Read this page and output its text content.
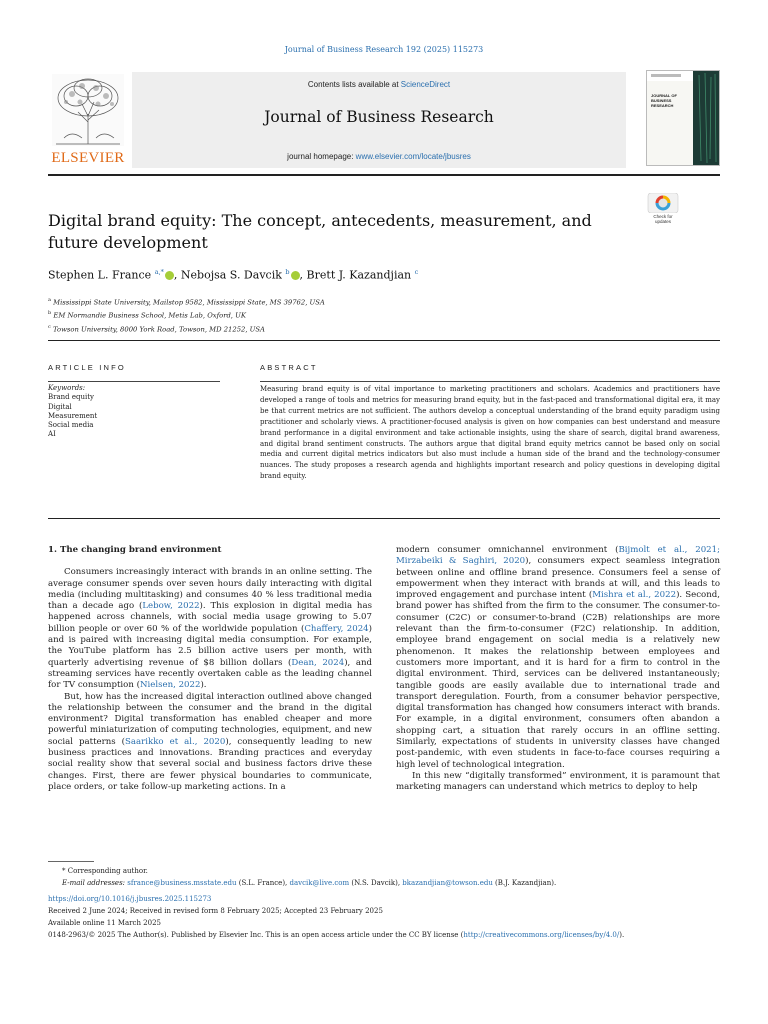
Journal of Business Research 192 (2025) 115273
ELSEVIER
Contents lists available at ScienceDirect
Journal of Business Research
journal homepage: www.elsevier.com/locate/jbusres
JOURNAL OF BUSINESS RESEARCH
Check for
updates
Digital brand equity: The concept, antecedents, measurement, and future development
Stephen L. France $^{a,*}$ , Nebojsa S. Davcik $^b$ , Brett J. Kazandjian $^c$
$^a$ Mississippi State University, Mailstop 9582, Mississippi State, MS 39762, USA
$^b$ EM Normandie Business School, Metis Lab, Oxford, UK
$^c$ Towson University, 8000 York Road, Towson, MD 21252, USA
ARTICLE INFO
Keywords:
Brand equity
Digital
Measurement
Social media
AI
ABSTRACT
Measuring brand equity is of vital importance to marketing practitioners and scholars. Academics and practitioners have developed a range of tools and metrics for measuring brand equity, but in the fast-paced and transformational digital era, it may be that current metrics are not sufficient. The authors develop a conceptual understanding of the brand equity paradigm using practitioner and scholarly views. A practitioner-focused analysis is given on how companies can best understand and measure brand performance in a digital environment and take actionable insights, using the share of search, digital brand awareness, and digital brand sentiment constructs. The authors argue that digital brand equity metrics cannot be based only on social media and current digital metrics indicators but also must include a human side of the brand and the technology-consumer nuances. The study proposes a research agenda and highlights important research and policy questions in developing digital brand equity.
1. The changing brand environment
Consumers increasingly interact with brands in an online setting. The average consumer spends over seven hours daily interacting with digital media (including multitasking) and consumes 40 % less traditional media than a decade ago (Lebow, 2022). This explosion in digital media has happened across channels, with social media usage growing to 5.07 billion people or over 60 % of the worldwide population (Chaffery, 2024) and is paired with increasing digital media consumption. For example, the YouTube platform has 2.5 billion active users per month, with quarterly advertising revenue of $8 billion dollars (Dean, 2024), and streaming services have recently overtaken cable as the leading channel for TV consumption (Nielsen, 2022).
But, how has the increased digital interaction outlined above changed the relationship between the consumer and the brand in the digital environment? Digital transformation has enabled cheaper and more powerful miniaturization of computing technologies, equipment, and new social patterns (Saarikko et al., 2020), consequently leading to new business practices and innovations. Branding practices and everyday social reality show that several social and business factors drive these changes. First, there are fewer physical boundaries to communicate, place orders, or take follow-up marketing actions. In a
modern consumer omnichannel environment (Bijmolt et al., 2021; Mirzabeiki & Saghiri, 2020), consumers expect seamless integration between online and offline brand presence. Consumers feel a sense of empowerment when they interact with brands at will, and this leads to improved engagement and purchase intent (Mishra et al., 2022). Second, brand power has shifted from the firm to the consumer. The consumer-to-consumer (C2C) or consumer-to-brand (C2B) relationships are more relevant than the firm-to-consumer (F2C) relationship. In addition, employee brand engagement on social media is a relatively new phenomenon. It makes the relationship between employees and customers more important, and it is hard for a firm to control in the digital environment. Third, services can be delivered instantaneously; tangible goods are easily available due to international trade and transport deregulation. Fourth, from a consumer behavior perspective, digital transformation has changed how consumers interact with brands. For example, in a digital environment, consumers often abandon a shopping cart, a situation that rarely occurs in an offline setting. Similarly, expectations of students in university classes have changed post-pandemic, with even students in face-to-face courses requiring a high level of technological integration.
In this new “digitally transformed” environment, it is paramount that marketing managers can understand which metrics to deploy to help
* Corresponding author.
E-mail addresses: sfrance@business.msstate.edu (S.L. France), davcik@live.com (N.S. Davcik), bkazandjian@towson.edu (B.J. Kazandjian).
https://doi.org/10.1016/j.jbusres.2025.115273
Received 2 June 2024; Received in revised form 8 February 2025; Accepted 23 February 2025
Available online 11 March 2025
0148-2963/© 2025 The Author(s). Published by Elsevier Inc. This is an open access article under the CC BY license (http://creativecommons.org/licenses/by/4.0/).
